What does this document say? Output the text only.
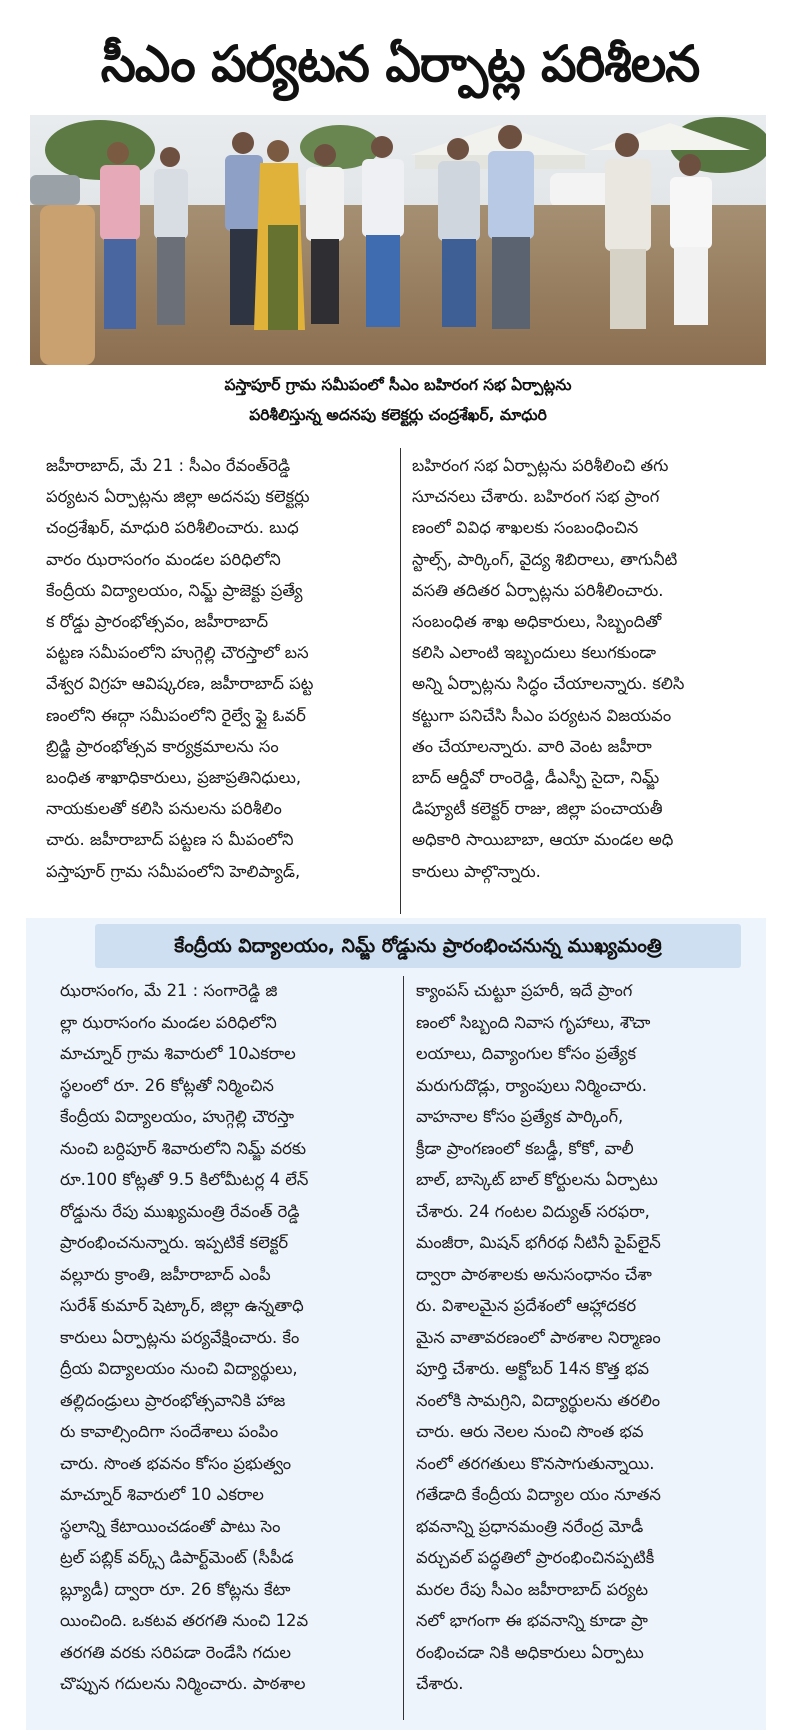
సీఎం పర్యటన ఏర్పాట్ల పరిశీలన
పస్తాపూర్ గ్రామ సమీపంలో సీఎం బహిరంగ సభ ఏర్పాట్లను
పరిశీలిస్తున్న అదనపు కలెక్టర్లు చంద్రశేఖర్, మాధురి
జహీరాబాద్, మే 21 : సీఎం రేవంత్‌రెడ్డి
పర్యటన ఏర్పాట్లను జిల్లా అదనపు కలెక్టర్లు
చంద్రశేఖర్, మాధురి పరిశీలించారు. బుధ
వారం ఝరాసంగం మండల పరిధిలోని
కేంద్రీయ విద్యాలయం, నిమ్జ్ ప్రాజెక్టు ప్రత్యే
క రోడ్డు ప్రారంభోత్సవం, జహీరాబాద్
పట్టణ సమీపంలోని హుగ్గెల్లి చౌరస్తాలో బస
వేశ్వర విగ్రహ ఆవిష్కరణ, జహీరాబాద్ పట్ట
ణంలోని ఈద్గా సమీపంలోని రైల్వే ఫ్లై ఓవర్
బ్రిడ్జి ప్రారంభోత్సవ కార్యక్రమాలను సం
బంధిత శాఖాధికారులు, ప్రజాప్రతినిధులు,
నాయకులతో కలిసి పనులను పరిశీలిం
చారు. జహీరాబాద్ పట్టణ స మీపంలోని
పస్తాపూర్ గ్రామ సమీపంలోని హెలిప్యాడ్,
బహిరంగ సభ ఏర్పాట్లను పరిశీలించి తగు
సూచనలు చేశారు. బహిరంగ సభ ప్రాంగ
ణంలో వివిధ శాఖలకు సంబంధించిన
స్టాల్స్, పార్కింగ్, వైద్య శిబిరాలు, తాగునీటి
వసతి తదితర ఏర్పాట్లను పరిశీలించారు.
సంబంధిత శాఖ అధికారులు, సిబ్బందితో
కలిసి ఎలాంటి ఇబ్బందులు కలుగకుండా
అన్ని ఏర్పాట్లను సిద్ధం చేయాలన్నారు. కలిసి
కట్టుగా పనిచేసి సీఎం పర్యటన విజయవం
తం చేయాలన్నారు. వారి వెంట జహీరా
బాద్ ఆర్డీవో రాంరెడ్డి, డీఎస్పీ సైదా, నిమ్జ్
డిప్యూటీ కలెక్టర్ రాజు, జిల్లా పంచాయతీ
అధికారి సాయిబాబా, ఆయా మండల అధి
కారులు పాల్గొన్నారు.
కేంద్రీయ విద్యాలయం, నిమ్జ్ రోడ్డును ప్రారంభించనున్న ముఖ్యమంత్రి
ఝరాసంగం, మే 21 : సంగారెడ్డి జి
ల్లా ఝరాసంగం మండల పరిధిలోని
మాచ్నూర్ గ్రామ శివారులో 10ఎకరాల
స్థలంలో రూ. 26 కోట్లతో నిర్మించిన
కేంద్రీయ విద్యాలయం, హుగ్గెల్లి చౌరస్తా
నుంచి బర్దిపూర్ శివారులోని నిమ్జ్ వరకు
రూ.100 కోట్లతో 9.5 కిలోమీటర్ల 4 లేన్
రోడ్డును రేపు ముఖ్యమంత్రి రేవంత్ రెడ్డి
ప్రారంభించనున్నారు. ఇప్పటికే కలెక్టర్
వల్లూరు క్రాంతి, జహీరాబాద్ ఎంపీ
సురేశ్ కుమార్ షెట్కార్, జిల్లా ఉన్నతాధి
కారులు ఏర్పాట్లను పర్యవేక్షించారు. కేం
ద్రీయ విద్యాలయం నుంచి విద్యార్థులు,
తల్లిదండ్రులు ప్రారంభోత్సవానికి హాజ
రు కావాల్సిందిగా సందేశాలు పంపిం
చారు. సొంత భవనం కోసం ప్రభుత్వం
మాచ్నూర్ శివారులో 10 ఎకరాల
స్థలాన్ని కేటాయించడంతో పాటు సెం
ట్రల్ పబ్లిక్ వర్క్స్ డిపార్ట్‌మెంట్ (సీపీడ
బ్ల్యూడీ) ద్వారా రూ. 26 కోట్లను కేటా
యించింది. ఒకటవ తరగతి నుంచి 12వ
తరగతి వరకు సరిపడా రెండేసి గదుల
చొప్పున గదులను నిర్మించారు. పాఠశాల
క్యాంపస్ చుట్టూ ప్రహరీ, ఇదే ప్రాంగ
ణంలో సిబ్బంది నివాస గృహాలు, శౌచా
లయాలు, దివ్యాంగుల కోసం ప్రత్యేక
మరుగుదొడ్లు, ర్యాంపులు నిర్మించారు.
వాహనాల కోసం ప్రత్యేక పార్కింగ్,
క్రీడా ప్రాంగణంలో కబడ్డీ, కోకో, వాలీ
బాల్, బాస్కెట్ బాల్ కోర్టులను ఏర్పాటు
చేశారు. 24 గంటల విద్యుత్ సరఫరా,
మంజీరా, మిషన్ భగీరథ నీటినీ పైప్‌లైన్
ద్వారా పాఠశాలకు అనుసంధానం చేశా
రు. విశాలమైన ప్రదేశంలో ఆహ్లాదకర
మైన వాతావరణంలో పాఠశాల నిర్మాణం
పూర్తి చేశారు. అక్టోబర్ 14న కొత్త భవ
నంలోకి సామగ్రిని, విద్యార్థులను తరలిం
చారు. ఆరు నెలల నుంచి సొంత భవ
నంలో తరగతులు కొనసాగుతున్నాయి.
గతేడాది కేంద్రీయ విద్యాల యం నూతన
భవనాన్ని ప్రధానమంత్రి నరేంద్ర మోడీ
వర్చువల్ పద్ధతిలో ప్రారంభించినప్పటికీ
మరల రేపు సీఎం జహీరాబాద్ పర్యట
నలో భాగంగా ఈ భవనాన్ని కూడా ప్రా
రంభించడా నికి అధికారులు ఏర్పాటు
చేశారు.
